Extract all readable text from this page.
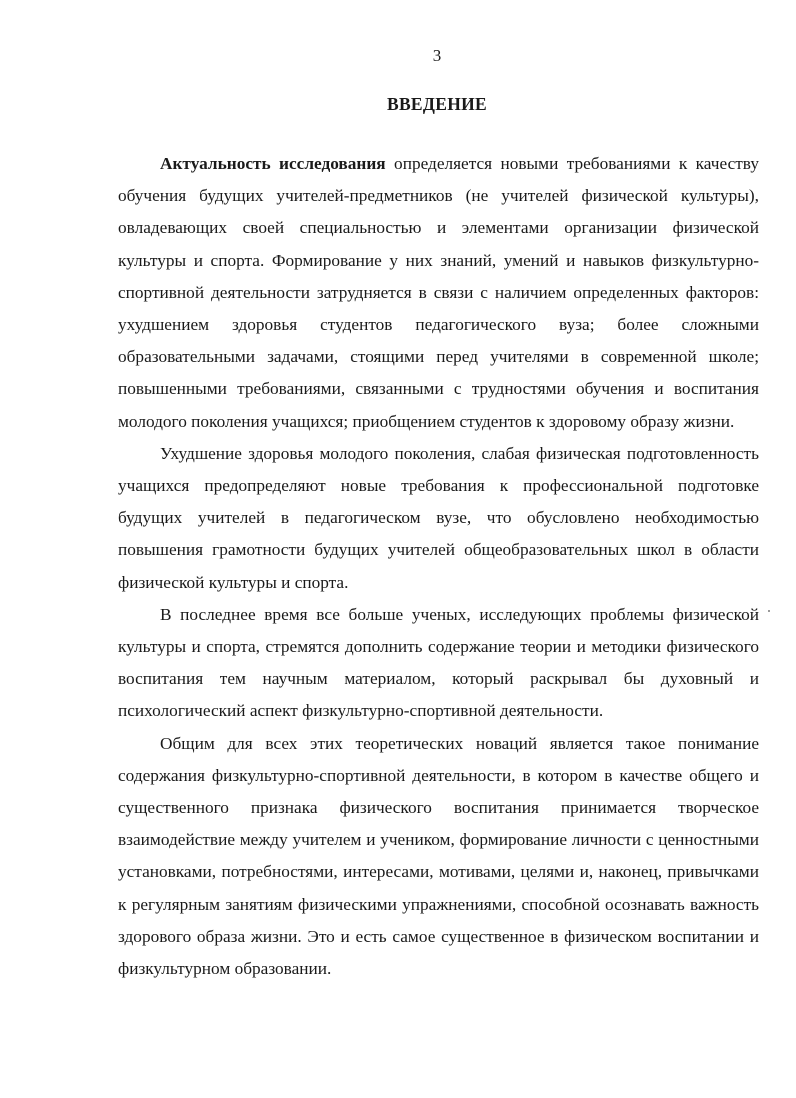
3
ВВЕДЕНИЕ

Актуальность исследования определяется новыми требованиями к качеству обучения будущих учителей-предметников (не учителей физической культуры), овладевающих своей специальностью и элементами организации физической культуры и спорта. Формирование у них знаний, умений и навыков физкультурно-спортивной деятельности затрудняется в связи с наличием определенных факторов: ухудшением здоровья студентов педагогического вуза; более сложными образовательными задачами, стоящими перед учителями в современной школе; повышенными требованиями, связанными с трудностями обучения и воспитания молодого поколения учащихся; приобщением студентов к здоровому образу жизни.

Ухудшение здоровья молодого поколения, слабая физическая подготовленность учащихся предопределяют новые требования к профессиональной подготовке будущих учителей в педагогическом вузе, что обусловлено необходимостью повышения грамотности будущих учителей общеобразовательных школ в области физической культуры и спорта.

В последнее время все больше ученых, исследующих проблемы физической культуры и спорта, стремятся дополнить содержание теории и методики физического воспитания тем научным материалом, который раскрывал бы духовный и психологический аспект физкультурно-спортивной деятельности.

Общим для всех этих теоретических новаций является такое понимание содержания физкультурно-спортивной деятельности, в котором в качестве общего и существенного признака физического воспитания принимается творческое взаимодействие между учителем и учеником, формирование личности с ценностными установками, потребностями, интересами, мотивами, целями и, наконец, привычками к регулярным занятиям физическими упражнениями, способной осознавать важность здорового образа жизни. Это и есть самое существенное в физическом воспитании и физкультурном образовании.
